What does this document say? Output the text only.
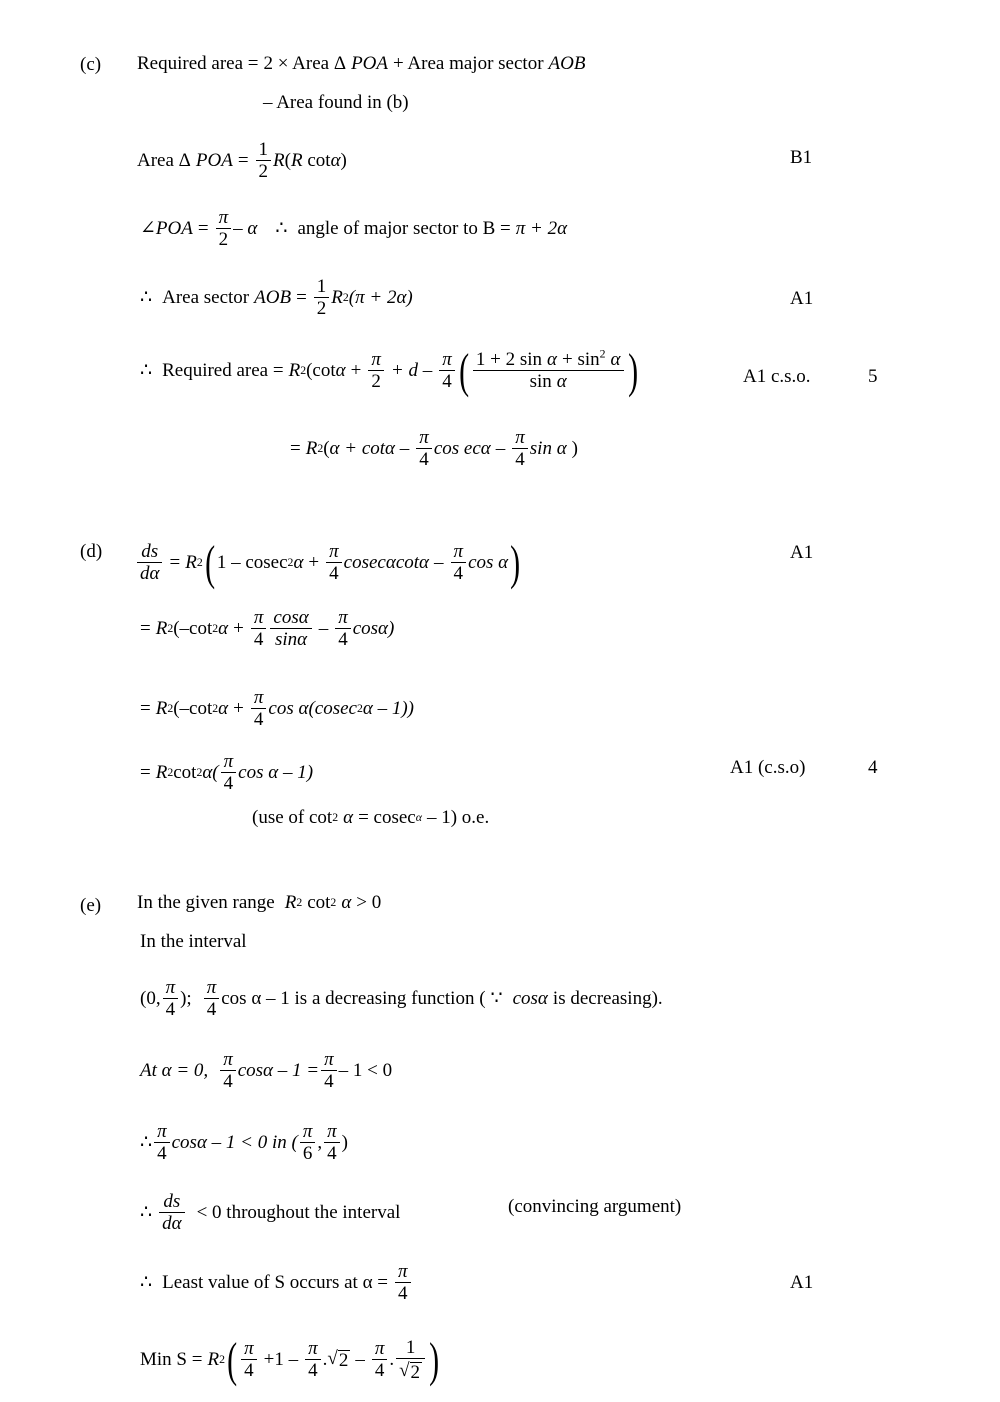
(c) Required area = 2 × Area Δ POA + Area major sector AOB
– Area found in (b)
Area Δ POA = $\frac{1}{2}$ R (R cot α )	B1
∠ POA = $\frac{\pi}{2}$ – α ∴ angle of major sector to B = π + 2α
∴ Area sector AOB = $\frac{1}{2}$ R 2 (π + 2α)	A1
∴ Required area = R 2 (cot $\alpha + \frac{\pi}{2} + d - \frac{\pi}{4}$ ( $\frac{1 + 2 \sin \alpha + \sin^2 \alpha}{\text{sin α}}$ )	A1 c.s.o.	5
= R 2 ( $\alpha + \cot\alpha - \frac{\pi}{4}$ cos ecα – $\frac{\pi}{4}$ sin α )
$(d) \frac{ds}{d\alpha} = R$ 2 ( 1 – cosec 2 $\alpha + \frac{\pi}{4}$ cosecαcotα – $\frac{\pi}{4}$ cos α )	A1
= R 2 (–cot 2 $\alpha + \frac{\pi}{4} \frac{\cos\alpha}{\sin\alpha} - \frac{\pi}{4} \cos\alpha$)
= R 2 (–cot 2 $\alpha + \frac{\pi}{4}$ cos α(cosec 2 α – 1))
= R 2 cot 2 $\alpha( \frac{\pi}{4}$ cos α – 1)	A1 (c.s.o)	4
(use of cot 2 α = cosec α – 1) o.e.
(e) In the given range R 2 cot 2 α > 0
In the interval
(0, $\frac{\pi}{4}$ ); $\frac{\pi}{4}$ cos α – 1 is a decreasing function ( ∵ cosα is decreasing).
At α = 0, $\frac{\pi}{4}$ $\cos\alpha - 1 = \frac{\pi}{4} - 1 < 0$
∴ $\frac{\pi}{4}$ cosα – 1 < 0 in ( $\frac{\pi}{6}$ , $\frac{\pi}{4}$ )
∴ $\frac{ds}{d\alpha} < 0$ throughout the interval	(convincing argument)
∴ Least value of S occurs at $\alpha = \frac{\pi}{4}$	A1
Min S = R 2 ( $\frac{\pi}{4} +1 - \frac{\pi}{4}$ . √ $2 - \frac{\pi}{4}$ . $\frac{1}{√ 2}$ )
